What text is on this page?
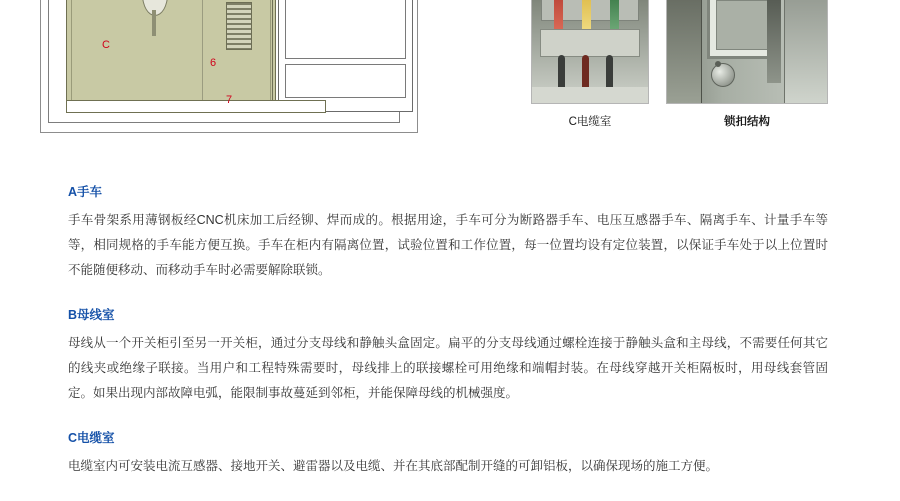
C
6
7
C电缆室	锁扣结构
A手车
手车骨架系用薄钢板经CNC机床加工后经铆、焊而成的。根据用途，手车可分为断路器手车、电压互感器手车、隔离手车、计量手车等等，相同规格的手车能方便互换。手车在柜内有隔离位置，试验位置和工作位置，每一位置均设有定位装置，以保证手车处于以上位置时不能随便移动、而移动手车时必需要解除联锁。
B母线室
母线从一个开关柜引至另一开关柜，通过分支母线和静触头盒固定。扁平的分支母线通过螺栓连接于静触头盒和主母线，不需要任何其它的线夹或绝缘子联接。当用户和工程特殊需要时，母线排上的联接螺栓可用绝缘和端帽封装。在母线穿越开关柜隔板时，用母线套管固定。如果出现内部故障电弧，能限制事故蔓延到邻柜，并能保障母线的机械强度。
C电缆室
电缆室内可安装电流互感器、接地开关、避雷器以及电缆、并在其底部配制开缝的可卸铝板，以确保现场的施工方便。
